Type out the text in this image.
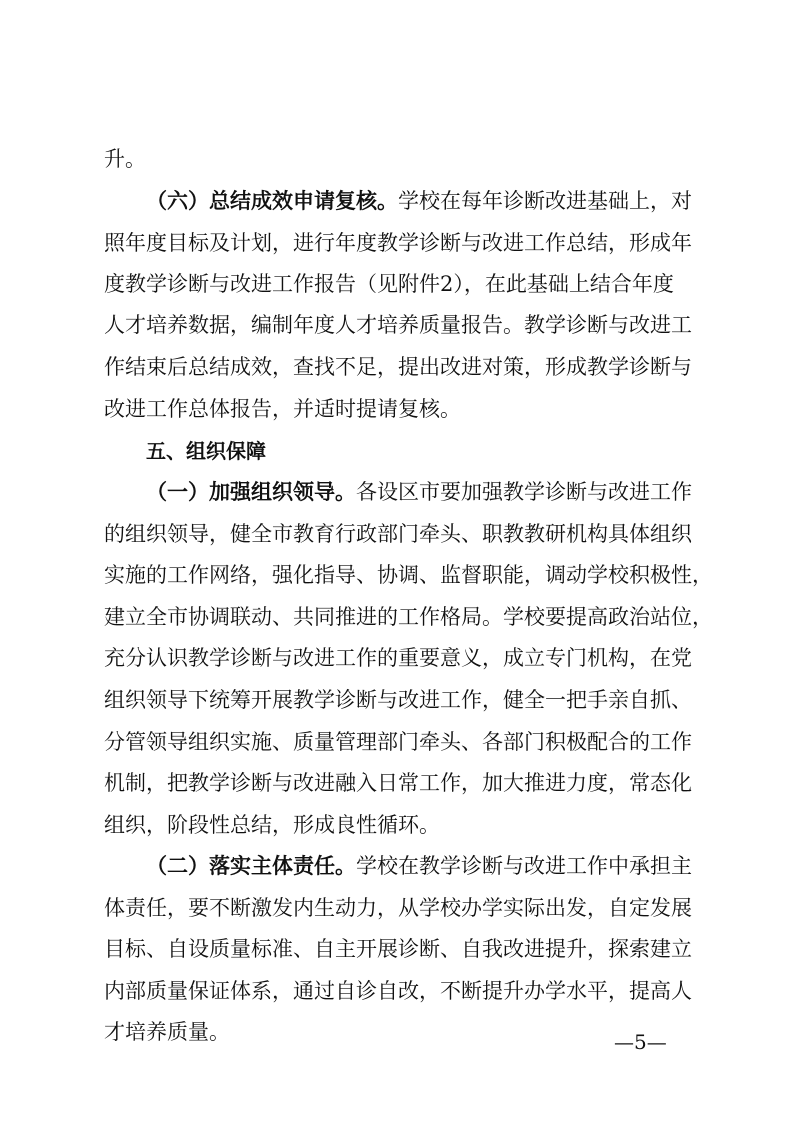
升。
（六）总结成效申请复核。学校在每年诊断改进基础上，对
照年度目标及计划，进行年度教学诊断与改进工作总结，形成年
度教学诊断与改进工作报告（见附件2），在此基础上结合年度
人才培养数据，编制年度人才培养质量报告。教学诊断与改进工
作结束后总结成效，查找不足，提出改进对策，形成教学诊断与
改进工作总体报告，并适时提请复核。
五、组织保障
（一）加强组织领导。各设区市要加强教学诊断与改进工作
的组织领导，健全市教育行政部门牵头、职教教研机构具体组织
实施的工作网络，强化指导、协调、监督职能，调动学校积极性，
建立全市协调联动、共同推进的工作格局。学校要提高政治站位，
充分认识教学诊断与改进工作的重要意义，成立专门机构，在党
组织领导下统筹开展教学诊断与改进工作，健全一把手亲自抓、
分管领导组织实施、质量管理部门牵头、各部门积极配合的工作
机制，把教学诊断与改进融入日常工作，加大推进力度，常态化
组织，阶段性总结，形成良性循环。
（二）落实主体责任。学校在教学诊断与改进工作中承担主
体责任，要不断激发内生动力，从学校办学实际出发，自定发展
目标、自设质量标准、自主开展诊断、自我改进提升，探索建立
内部质量保证体系，通过自诊自改，不断提升办学水平，提高人
才培养质量。	—5—
